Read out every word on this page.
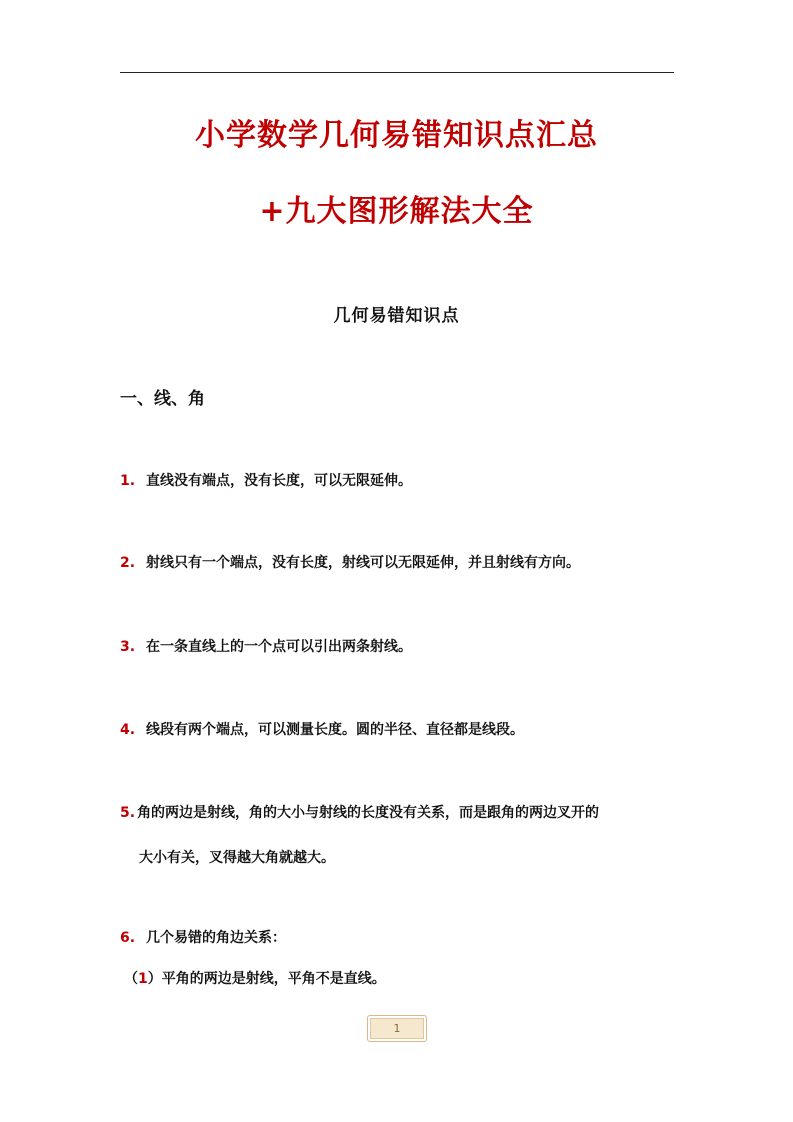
小学数学几何易错知识点汇总
+九大图形解法大全
几何易错知识点
一、线、角
1. 直线没有端点，没有长度，可以无限延伸。
2. 射线只有一个端点，没有长度，射线可以无限延伸，并且射线有方向。
3. 在一条直线上的一个点可以引出两条射线。
4. 线段有两个端点，可以测量长度。圆的半径、直径都是线段。
5. 角的两边是射线，角的大小与射线的长度没有关系，而是跟角的两边叉开的
大小有关，叉得越大角就越大。
6. 几个易错的角边关系：
（1）平角的两边是射线，平角不是直线。
1
